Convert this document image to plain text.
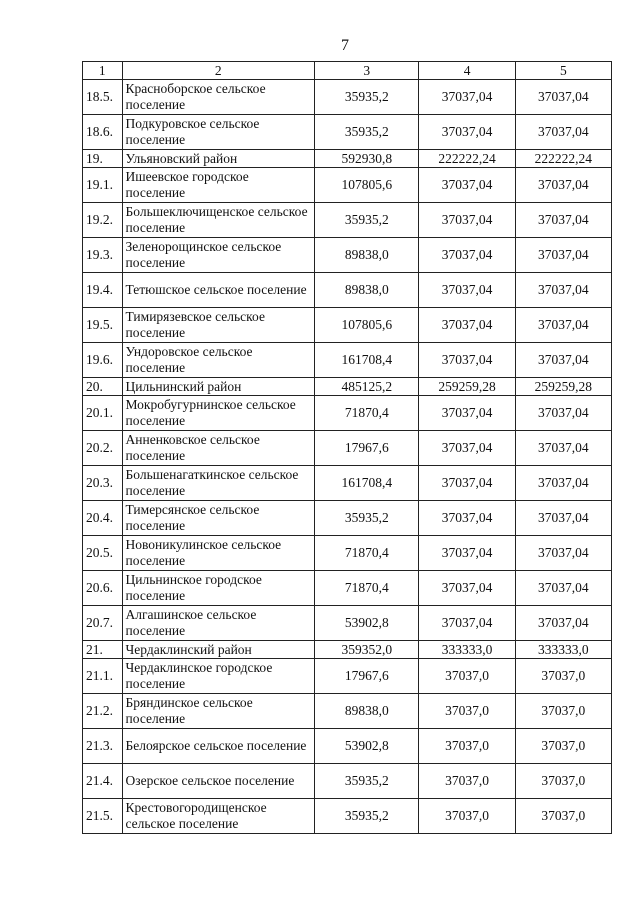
7
1	2	3	4	5
18.5.	Красноборское сельское поселение	35935,2	37037,04	37037,04
18.6.	Подкуровское сельское поселение	35935,2	37037,04	37037,04
19.	Ульяновский район	592930,8	222222,24	222222,24
19.1.	Ишеевское городское поселение	107805,6	37037,04	37037,04
19.2.	Большеключищенское сельское поселение	35935,2	37037,04	37037,04
19.3.	Зеленорощинское сельское поселение	89838,0	37037,04	37037,04
19.4.	Тетюшское сельское поселение	89838,0	37037,04	37037,04
19.5.	Тимирязевское сельское поселение	107805,6	37037,04	37037,04
19.6.	Ундоровское сельское поселение	161708,4	37037,04	37037,04
20.	Цильнинский район	485125,2	259259,28	259259,28
20.1.	Мокробугурнинское сельское поселение	71870,4	37037,04	37037,04
20.2.	Анненковское сельское поселение	17967,6	37037,04	37037,04
20.3.	Большенагаткинское сельское поселение	161708,4	37037,04	37037,04
20.4.	Тимерсянское сельское поселение	35935,2	37037,04	37037,04
20.5.	Новоникулинское сельское поселение	71870,4	37037,04	37037,04
20.6.	Цильнинское городское поселение	71870,4	37037,04	37037,04
20.7.	Алгашинское сельское поселение	53902,8	37037,04	37037,04
21.	Чердаклинский район	359352,0	333333,0	333333,0
21.1.	Чердаклинское городское поселение	17967,6	37037,0	37037,0
21.2.	Бряндинское сельское поселение	89838,0	37037,0	37037,0
21.3.	Белоярское сельское поселение	53902,8	37037,0	37037,0
21.4.	Озерское сельское поселение	35935,2	37037,0	37037,0
21.5.	Крестовогородищенское сельское поселение	35935,2	37037,0	37037,0
